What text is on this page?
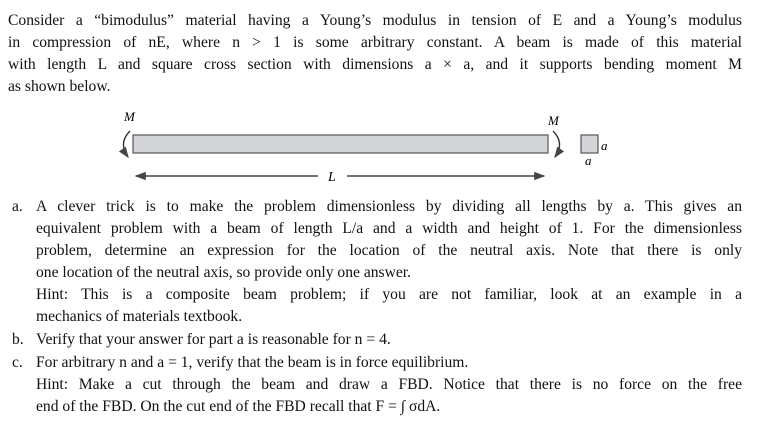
Consider a “bimodulus” material having a Young’s modulus in tension of E and a Young’s modulus
in compression of nE, where n > 1 is some arbitrary constant. A beam is made of this material
with length L and square cross section with dimensions a × a, and it supports bending moment M
as shown below.
M	M
a
a
L
a. A clever trick is to make the problem dimensionless by dividing all lengths by a. This gives an
equivalent problem with a beam of length L/a and a width and height of 1. For the dimensionless
problem, determine an expression for the location of the neutral axis. Note that there is only
one location of the neutral axis, so provide only one answer.
Hint: This is a composite beam problem; if you are not familiar, look at an example in a
mechanics of materials textbook.
b. Verify that your answer for part a is reasonable for n = 4.
c. For arbitrary n and a = 1, verify that the beam is in force equilibrium.
Hint: Make a cut through the beam and draw a FBD. Notice that there is no force on the free
end of the FBD. On the cut end of the FBD recall that F = ∫ σdA.
